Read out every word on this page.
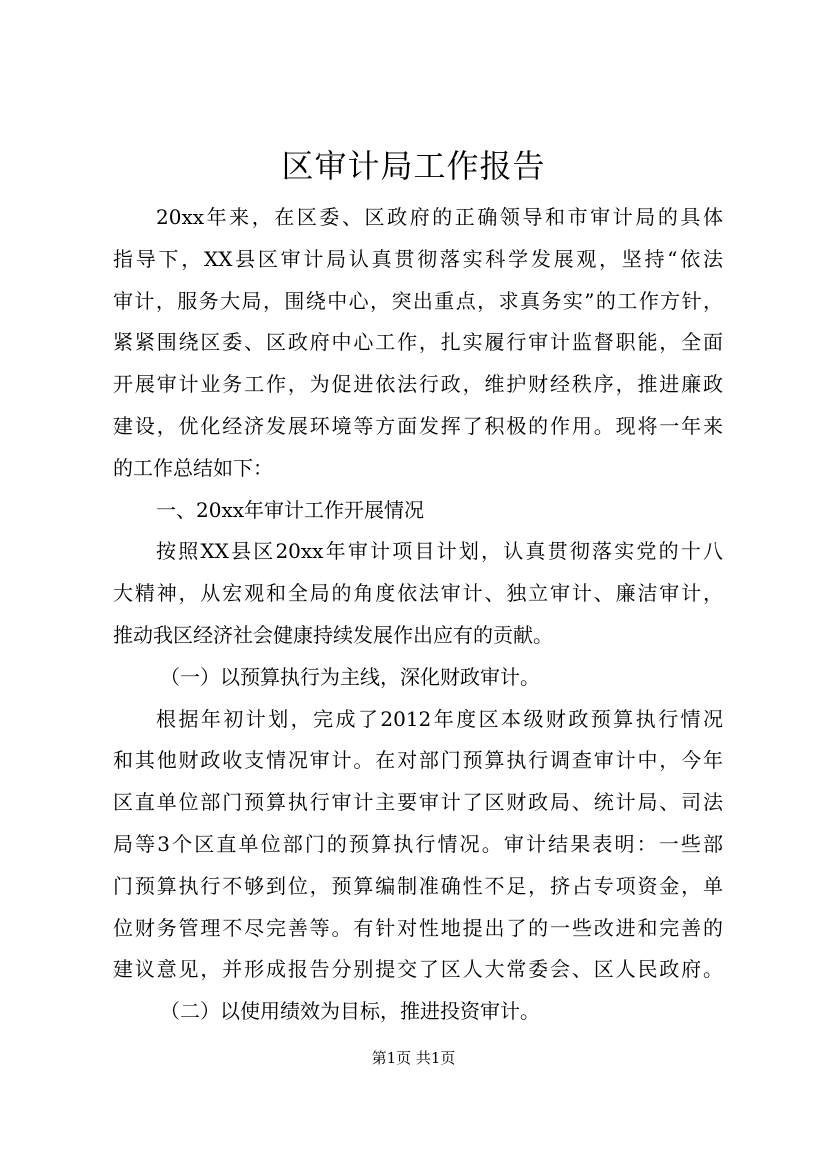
区审计局工作报告
20xx年来，在区委、区政府的正确领导和市审计局的具体
指导下，XX县区审计局认真贯彻落实科学发展观，坚持“依法
审计，服务大局，围绕中心，突出重点，求真务实”的工作方针，
紧紧围绕区委、区政府中心工作，扎实履行审计监督职能，全面
开展审计业务工作，为促进依法行政，维护财经秩序，推进廉政
建设，优化经济发展环境等方面发挥了积极的作用。现将一年来
的工作总结如下：
一、20xx年审计工作开展情况
按照XX县区20xx年审计项目计划，认真贯彻落实党的十八
大精神，从宏观和全局的角度依法审计、独立审计、廉洁审计，
推动我区经济社会健康持续发展作出应有的贡献。
（一）以预算执行为主线，深化财政审计。
根据年初计划，完成了2012年度区本级财政预算执行情况
和其他财政收支情况审计。在对部门预算执行调查审计中，今年
区直单位部门预算执行审计主要审计了区财政局、统计局、司法
局等3个区直单位部门的预算执行情况。审计结果表明：一些部
门预算执行不够到位，预算编制准确性不足，挤占专项资金，单
位财务管理不尽完善等。有针对性地提出了的一些改进和完善的
建议意见，并形成报告分别提交了区人大常委会、区人民政府。
（二）以使用绩效为目标，推进投资审计。
第1页 共1页
